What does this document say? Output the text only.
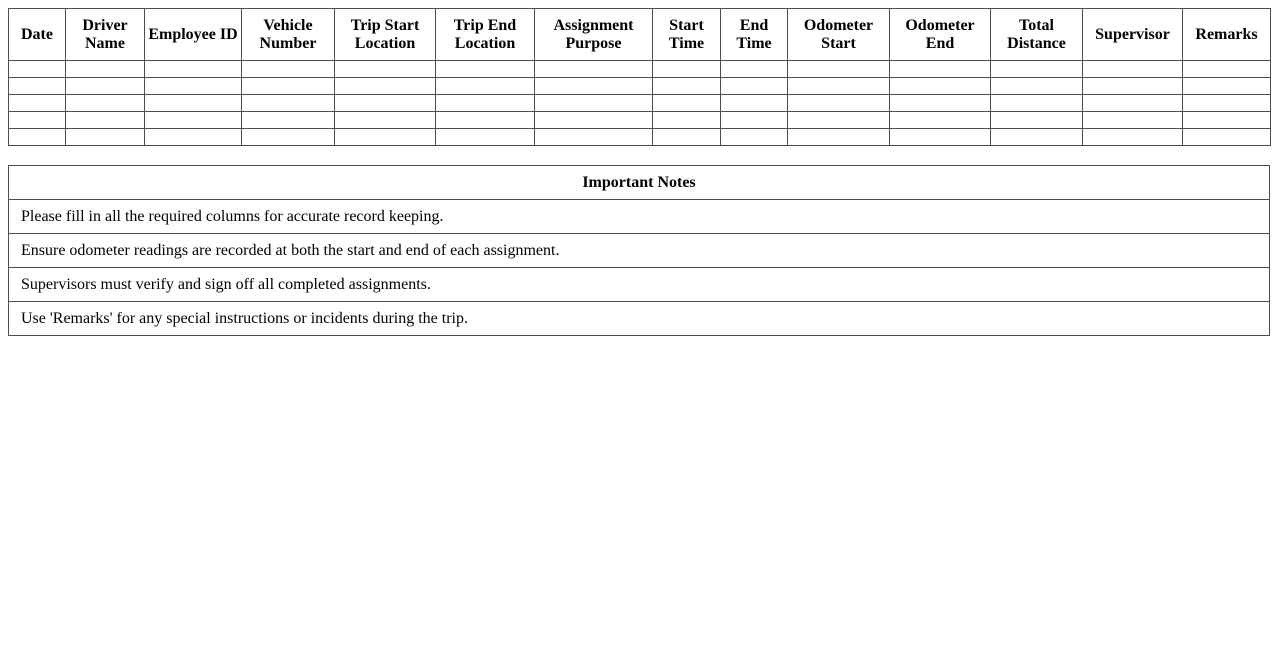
Date	Driver Name	Employee ID	Vehicle Number	Trip Start Location	Trip End Location	Assignment Purpose	Start Time	End Time	Odometer Start	Odometer End	Total Distance	Supervisor	Remarks

Important Notes
Please fill in all the required columns for accurate record keeping.
Ensure odometer readings are recorded at both the start and end of each assignment.
Supervisors must verify and sign off all completed assignments.
Use 'Remarks' for any special instructions or incidents during the trip.
